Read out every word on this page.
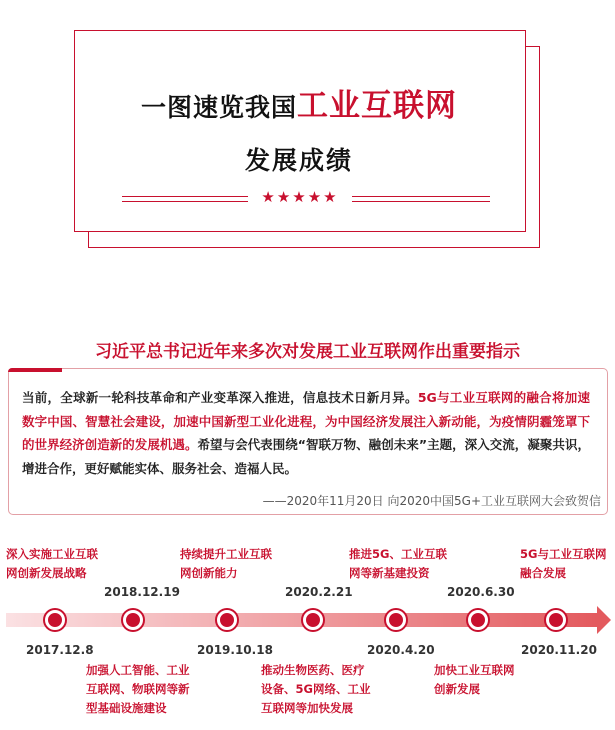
一图速览我国工业互联网
发展成绩
★★★★★
习近平总书记近年来多次对发展工业互联网作出重要指示
当前，全球新一轮科技革命和产业变革深入推进，信息技术日新月异。5G与工业互联网的融合将加速数字中国、智慧社会建设，加速中国新型工业化进程，为中国经济发展注入新动能，为疫情阴霾笼罩下的世界经济创造新的发展机遇。希望与会代表围绕“智联万物、融创未来”主题，深入交流，凝聚共识，增进合作，更好赋能实体、服务社会、造福人民。
——2020年11月20日 向2020中国5G+工业互联网大会致贺信
2017.12.8
2018.12.19
2019.10.18
2020.2.21
2020.4.20
2020.6.30
2020.11.20
深入实施工业互联网创新发展战略
加强人工智能、工业互联网、物联网等新型基础设施建设
持续提升工业互联网创新能力
推动生物医药、医疗设备、5G网络、工业互联网等加快发展
推进5G、工业互联网等新基建投资
加快工业互联网创新发展
5G与工业互联网融合发展
